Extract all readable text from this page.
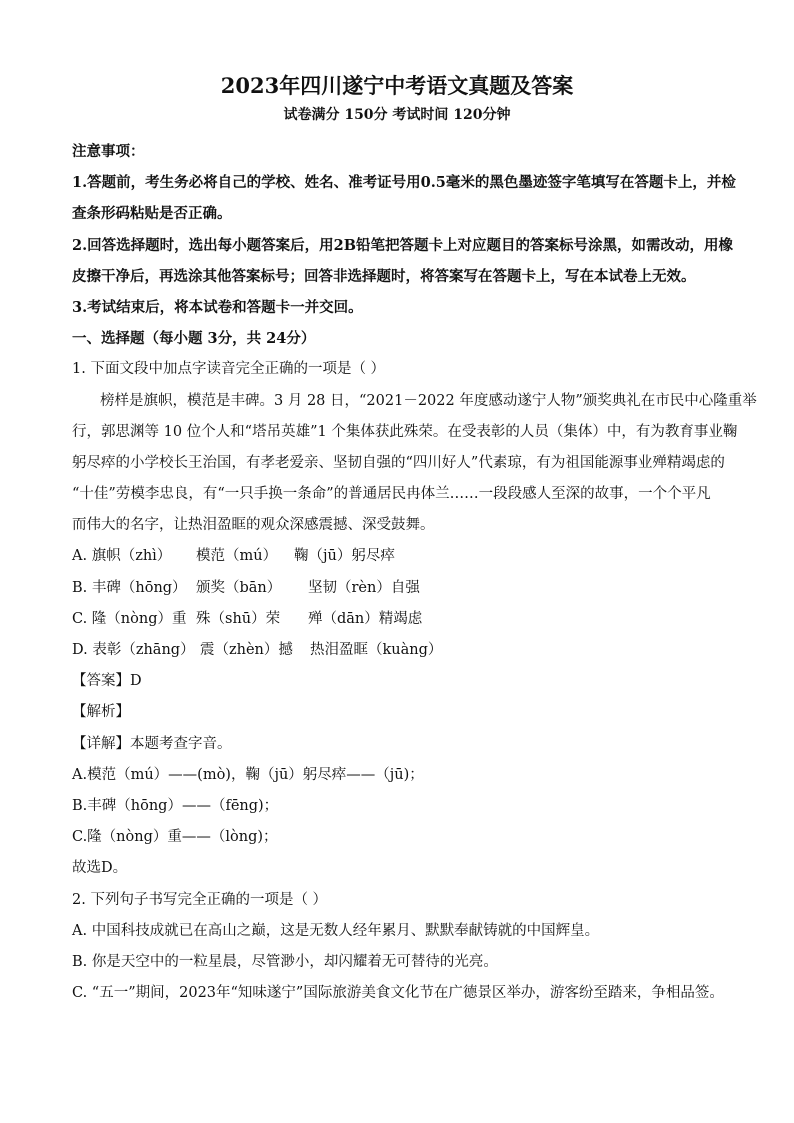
2023年四川遂宁中考语文真题及答案
试卷满分 150分 考试时间 120分钟
注意事项：
1.答题前，考生务必将自己的学校、姓名、准考证号用0.5毫米的黑色墨迹签字笔填写在答题卡上，并检
查条形码粘贴是否正确。
2.回答选择题时，选出每小题答案后，用2B铅笔把答题卡上对应题目的答案标号涂黑，如需改动，用橡
皮擦干净后，再选涂其他答案标号；回答非选择题时，将答案写在答题卡上，写在本试卷上无效。
3.考试结束后，将本试卷和答题卡一并交回。
一、选择题（每小题 3分，共 24分）
1. 下面文段中加点字读音完全正确的一项是（ ）
榜样是旗帜，模范是丰碑。3 月 28 日，“2021－2022 年度感动遂宁人物”颁奖典礼在市民中心隆重举
行，郭思渊等 10 位个人和“塔吊英雄”1 个集体获此殊荣。在受表彰的人员（集体）中，有为教育事业鞠
躬尽瘁的小学校长王治国，有孝老爱亲、坚韧自强的“四川好人”代素琼，有为祖国能源事业殚精竭虑的
“十佳”劳模李忠良，有“一只手换一条命”的普通居民冉体兰……一段段感人至深的故事，一个个平凡
而伟大的名字，让热泪盈眶的观众深感震撼、深受鼓舞。
A. 旗帜（zhì） 模范（mú） 鞠（jū）躬尽瘁
B. 丰碑（hōng） 颁奖（bān） 坚韧（rèn）自强
C. 隆（nòng）重 殊（shū）荣 殚（dān）精竭虑
D. 表彰（zhāng） 震（zhèn）撼 热泪盈眶（kuàng）
【答案】D
【解析】
【详解】本题考查字音。
A.模范（mú）——(mò)，鞠（jū）躬尽瘁——（jū)；
B.丰碑（hōng）——（fēng)；
C.隆（nòng）重——（lòng)；
故选D。
2. 下列句子书写完全正确的一项是（ ）
A. 中国科技成就已在高山之巅，这是无数人经年累月、默默奉献铸就的中国辉皇。
B. 你是天空中的一粒星晨，尽管渺小，却闪耀着无可替待的光亮。
C. “五一”期间，2023年“知味遂宁”国际旅游美食文化节在广德景区举办，游客纷至踏来，争相品签。
